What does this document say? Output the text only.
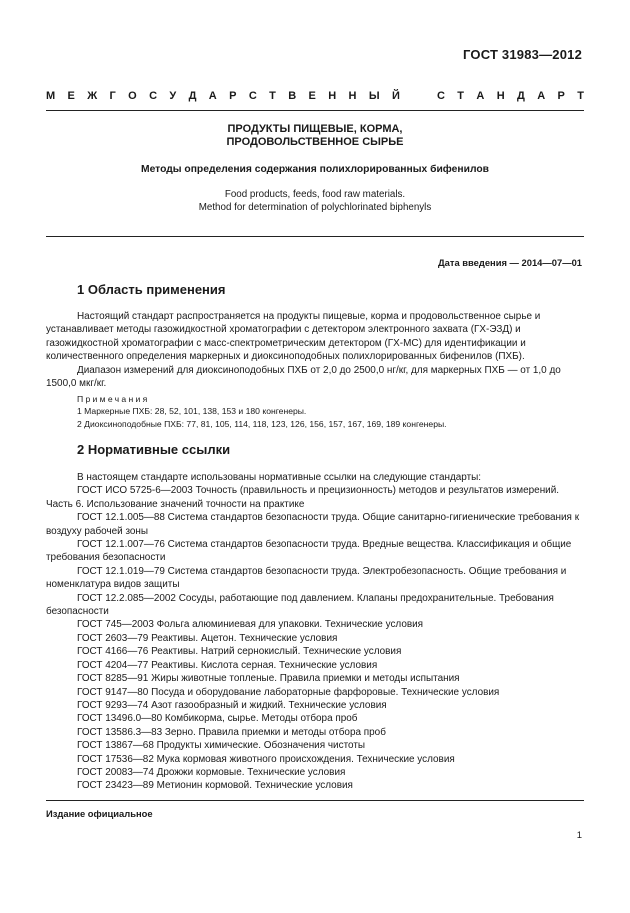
ГОСТ 31983—2012
М Е Ж Г О С У Д А Р С Т В Е Н Н Ы Й	С Т А Н Д А Р Т
ПРОДУКТЫ ПИЩЕВЫЕ, КОРМА,
ПРОДОВОЛЬСТВЕННОЕ СЫРЬЕ
Методы определения содержания полихлорированных бифенилов
Food products, feeds, food raw materials.
Method for determination of polychlorinated biphenyls
Дата введения — 2014—07—01
1 Область применения

Настоящий стандарт распространяется на продукты пищевые, корма и продовольственное сырье и устанавливает методы газожидкостной хроматографии с детектором электронного захвата (ГХ-ЭЗД) и газожидкостной хроматографии с масс-спектрометрическим детектором (ГХ-МС) для идентификации и количественного определения маркерных и диоксиноподобных полихлорированных бифенилов (ПХБ).

Диапазон измерений для диоксиноподобных ПХБ от 2,0 до 2500,0 нг/кг, для маркерных ПХБ — от 1,0 до 1500,0 мкг/кг.

Примечания
1 Маркерные ПХБ: 28, 52, 101, 138, 153 и 180 конгенеры.
2 Диоксиноподобные ПХБ: 77, 81, 105, 114, 118, 123, 126, 156, 157, 167, 169, 189 конгенеры.
2 Нормативные ссылки

В настоящем стандарте использованы нормативные ссылки на следующие стандарты:

ГОСТ ИСО 5725-6—2003 Точность (правильность и прецизионность) методов и результатов измерений. Часть 6. Использование значений точности на практике

ГОСТ 12.1.005—88 Система стандартов безопасности труда. Общие санитарно-гигиенические требования к воздуху рабочей зоны

ГОСТ 12.1.007—76 Система стандартов безопасности труда. Вредные вещества. Классификация и общие требования безопасности

ГОСТ 12.1.019—79 Система стандартов безопасности труда. Электробезопасность. Общие требования и номенклатура видов защиты

ГОСТ 12.2.085—2002 Сосуды, работающие под давлением. Клапаны предохранительные. Требования безопасности

ГОСТ 745—2003 Фольга алюминиевая для упаковки. Технические условия

ГОСТ 2603—79 Реактивы. Ацетон. Технические условия

ГОСТ 4166—76 Реактивы. Натрий сернокислый. Технические условия

ГОСТ 4204—77 Реактивы. Кислота серная. Технические условия

ГОСТ 8285—91 Жиры животные топленые. Правила приемки и методы испытания

ГОСТ 9147—80 Посуда и оборудование лабораторные фарфоровые. Технические условия

ГОСТ 9293—74 Азот газообразный и жидкий. Технические условия

ГОСТ 13496.0—80 Комбикорма, сырье. Методы отбора проб

ГОСТ 13586.3—83 Зерно. Правила приемки и методы отбора проб

ГОСТ 13867—68 Продукты химические. Обозначения чистоты

ГОСТ 17536—82 Мука кормовая животного происхождения. Технические условия

ГОСТ 20083—74 Дрожжи кормовые. Технические условия

ГОСТ 23423—89 Метионин кормовой. Технические условия

Издание официальное
1
